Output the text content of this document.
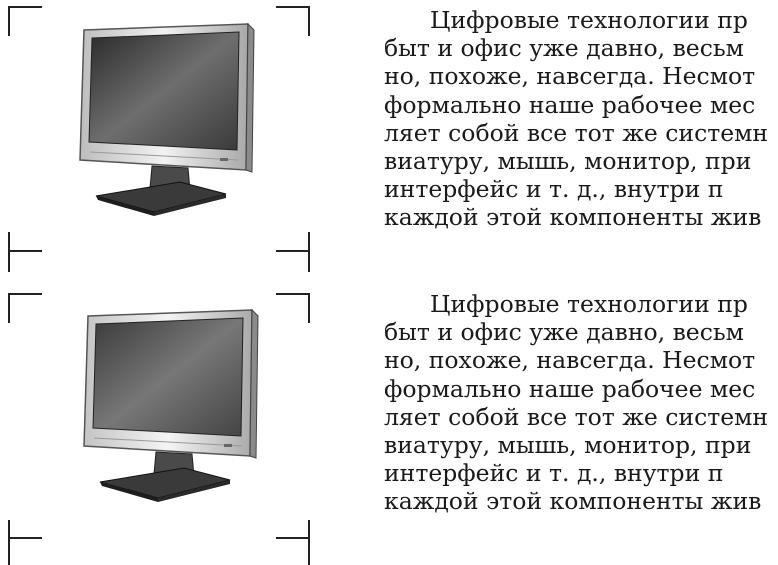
Цифровые технологии пр
быт и офис уже давно, весьм
но, похоже, навсегда. Несмот
формально наше рабочее мес
ляет собой все тот же системн
виатуру, мышь, монитор, при
интерфейс и т. д., внутри п
каждой этой компоненты жив
Цифровые технологии пр
быт и офис уже давно, весьм
но, похоже, навсегда. Несмот
формально наше рабочее мес
ляет собой все тот же системн
виатуру, мышь, монитор, при
интерфейс и т. д., внутри п
каждой этой компоненты жив
